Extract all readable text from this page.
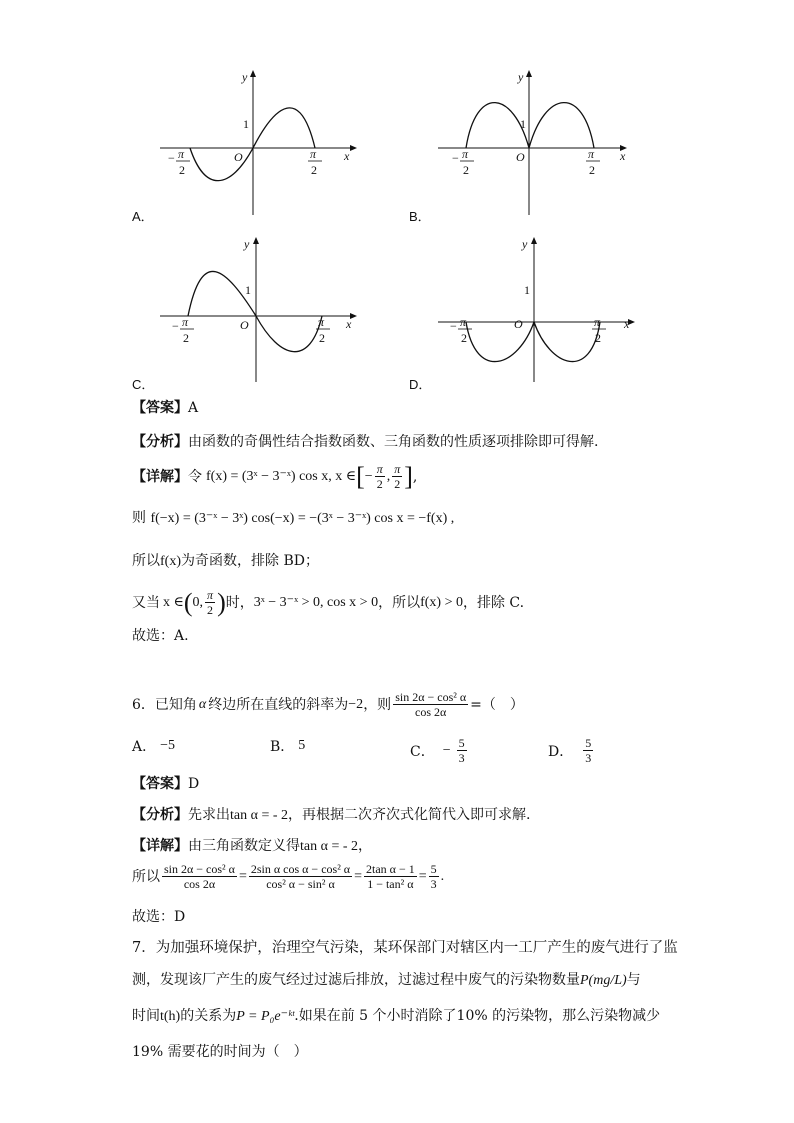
y
x
O
1
− π
2
π
2
A．
y
x
O
1
− π
2
π
2
B．
y
x
O
1
− π
2
π
2
C．
y
x
O
1
− π
2
π
2
D．
【答案】A
【分析】由函数的奇偶性结合指数函数、三角函数的性质逐项排除即可得解.
【详解】 令 f(x) = (3ˣ − 3⁻ˣ) cos x, x ∈ [ − $\frac{\pi}{2}$ , $\frac{\pi}{2}$ ] ,
则 f(−x) = (3⁻ˣ − 3ˣ) cos(−x) = −(3ˣ − 3⁻ˣ) cos x = −f(x) ,
所以f(x)为奇函数，排除 BD；
又当 x ∈ ( 0, $\frac{\pi}{2}$ ) 时， 3ˣ − 3⁻ˣ > 0, cos x > 0 ，所以 f(x) > 0 ，排除 C.
故选：A.
6．已知角 α 终边所在直线的斜率为 −2 ，则 $\frac{\text{sin 2α − cos² α}}{\cos 2\alpha}$ =（　）
A． −5	B． 5	C． − $\frac{5}{3}$	D． $\frac{5}{3}$
【答案】D
【分析】先求出tan α = - 2，再根据二次齐次式化简代入即可求解.
【详解】由三角函数定义得tan α = - 2，
所以 $\frac{\text{sin 2α − cos² α}}{\cos 2\alpha} = \frac{\text{2sin α cos α − cos² α}}{\text{cos² α − sin² α}} = \frac{\text{2tan α − 1}}{\text{1 − tan² α}} = \frac{5}{3}$ .
故选：D
7．为加强环境保护，治理空气污染，某环保部门对辖区内一工厂产生的废气进行了监
测，发现该厂产生的废气经过过滤后排放，过滤过程中废气的污染物数量P(mg/L)与
时间t(h)的关系为P = P₀e⁻ᵏᵗ.如果在前 5 个小时消除了10% 的污染物，那么污染物减少
19% 需要花的时间为（　）
